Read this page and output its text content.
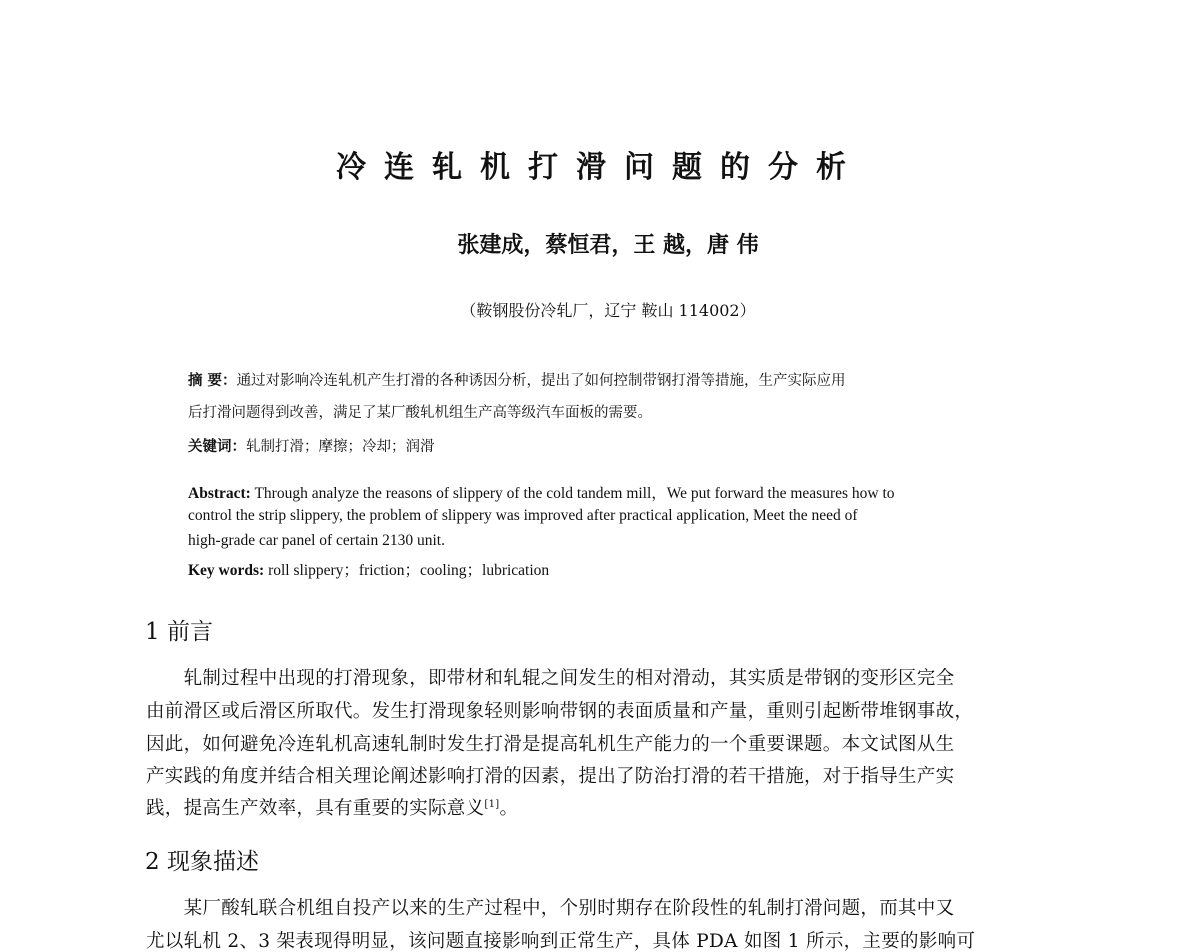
冷连轧机打滑问题的分析
张建成，蔡恒君，王 越，唐 伟
（鞍钢股份冷轧厂，辽宁 鞍山 114002）
摘 要：通过对影响冷连轧机产生打滑的各种诱因分析，提出了如何控制带钢打滑等措施，生产实际应用
后打滑问题得到改善，满足了某厂酸轧机组生产高等级汽车面板的需要。
关键词：轧制打滑；摩擦；冷却；润滑
Abstract: Through analyze the reasons of slippery of the cold tandem mill，We put forward the measures how to
control the strip slippery, the problem of slippery was improved after practical application, Meet the need of
high-grade car panel of certain 2130 unit.
Key words: roll slippery；friction；cooling；lubrication
1 前言
　　轧制过程中出现的打滑现象，即带材和轧辊之间发生的相对滑动，其实质是带钢的变形区完全
由前滑区或后滑区所取代。发生打滑现象轻则影响带钢的表面质量和产量，重则引起断带堆钢事故，
因此，如何避免冷连轧机高速轧制时发生打滑是提高轧机生产能力的一个重要课题。本文试图从生
产实践的角度并结合相关理论阐述影响打滑的因素，提出了防治打滑的若干措施，对于指导生产实
践，提高生产效率，具有重要的实际意义[1]。
2 现象描述
　　某厂酸轧联合机组自投产以来的生产过程中，个别时期存在阶段性的轧制打滑问题，而其中又
尤以轧机 2、3 架表现得明显，该问题直接影响到正常生产，具体 PDA 如图 1 所示，主要的影响可
